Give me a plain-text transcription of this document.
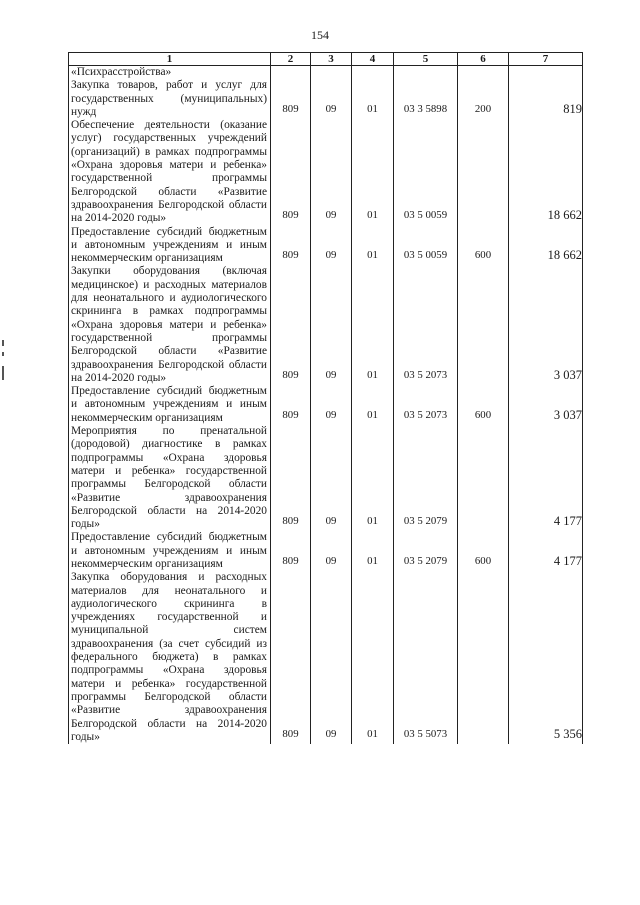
154
1	2	3	4	5	6	7
«Психрасстройства»
Закупка товаров, работ и услуг для государственных (муниципальных) нужд	809	09	01	03 3 5898	200	819
Обеспечение деятельности (оказание услуг) государственных учреждений (организаций) в рамках подпрограммы «Охрана здоровья матери и ребенка» государственной программы Белгородской области «Развитие здравоохранения Белгородской области на 2014-2020 годы»	809	09	01	03 5 0059		18 662
Предоставление субсидий бюджетным и автономным учреждениям и иным некоммерческим организациям	809	09	01	03 5 0059	600	18 662
Закупки оборудования (включая медицинское) и расходных материалов для неонатального и аудиологического скрининга в рамках подпрограммы «Охрана здоровья матери и ребенка» государственной программы Белгородской области «Развитие здравоохранения Белгородской области на 2014-2020 годы»	809	09	01	03 5 2073		3 037
Предоставление субсидий бюджетным и автономным учреждениям и иным некоммерческим организациям	809	09	01	03 5 2073	600	3 037
Мероприятия по пренатальной (дородовой) диагностике в рамках подпрограммы «Охрана здоровья матери и ребенка» государственной программы Белгородской области «Развитие здравоохранения Белгородской области на 2014-2020 годы»	809	09	01	03 5 2079		4 177
Предоставление субсидий бюджетным и автономным учреждениям и иным некоммерческим организациям	809	09	01	03 5 2079	600	4 177
Закупка оборудования и расходных материалов для неонатального и аудиологического скрининга в учреждениях государственной и муниципальной систем здравоохранения (за счет субсидий из федерального бюджета) в рамках подпрограммы «Охрана здоровья матери и ребенка» государственной программы Белгородской области «Развитие здравоохранения Белгородской области на 2014-2020 годы»	809	09	01	03 5 5073		5 356
